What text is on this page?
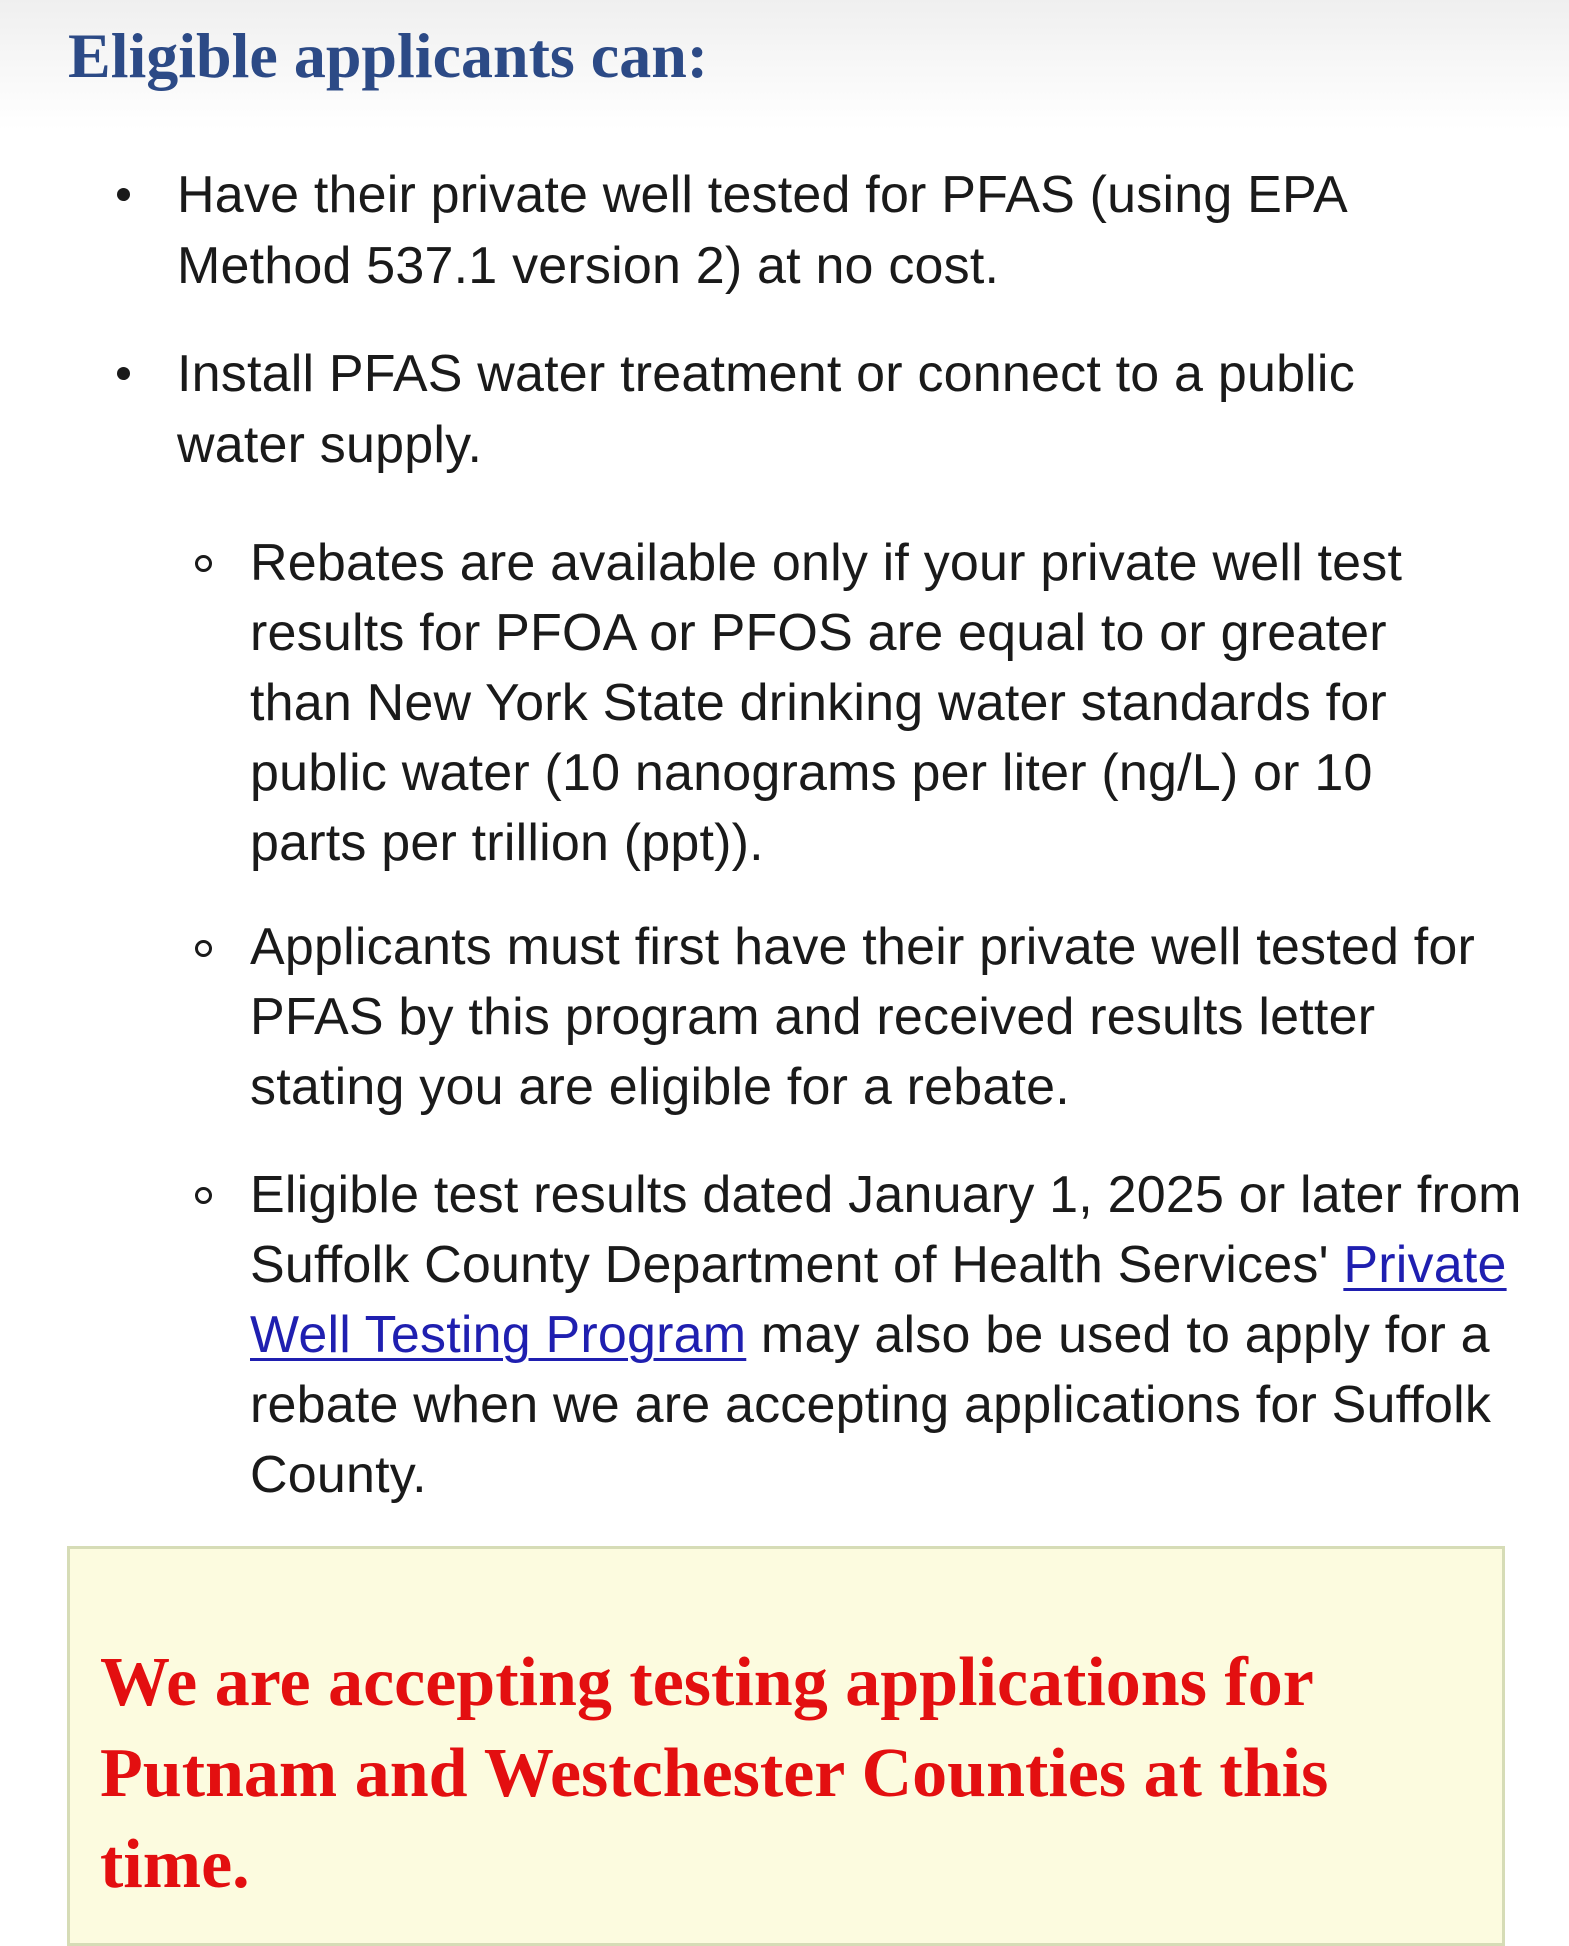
Eligible applicants can:
Have their private well tested for PFAS (using EPA Method 537.1 version 2) at no cost.
Install PFAS water treatment or connect to a public water supply.
Rebates are available only if your private well test results for PFOA or PFOS are equal to or greater than New York State drinking water standards for public water (10 nanograms per liter (ng/L) or 10 parts per trillion (ppt)).
Applicants must first have their private well tested for PFAS by this program and received results letter stating you are eligible for a rebate.
Eligible test results dated January 1, 2025 or later from Suffolk County Department of Health Services' Private Well Testing Program may also be used to apply for a rebate when we are accepting applications for Suffolk County.

We are accepting testing applications for Putnam and Westchester Counties at this time.
